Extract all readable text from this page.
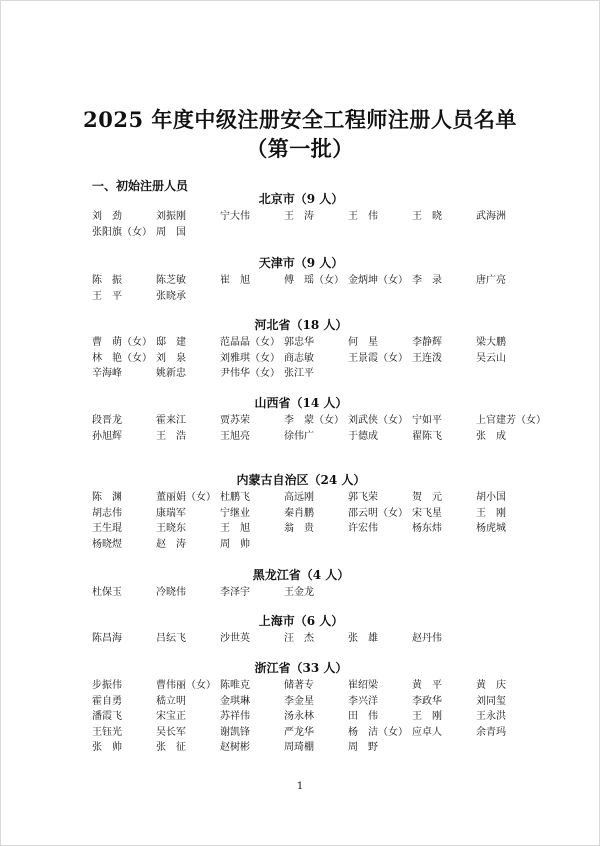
2025 年度中级注册安全工程师注册人员名单
（第一批）
一、初始注册人员
北京市（9 人）
刘　劲	刘振刚	宁大伟	王　涛	王　伟	王　晓	武海洲
张阳旗（女） 周　国
天津市（9 人）
陈　振	陈芝敏	崔　旭	傅　瑶（女） 金炳坤（女） 李　录	唐广亮
王　平	张晓承
河北省（18 人）
曹　萌（女） 邸　建	范晶晶（女） 郭忠华	何　星	李静辉	梁大鹏
林　艳（女） 刘　泉	刘雅琪（女） 商志敏	王景霞（女） 王连泼	吴云山
辛海峰	姚新忠	尹伟华（女） 张江平
山西省（14 人）
段晋龙	霍来江	贾苏荣	李　蒙（女） 刘武侠（女） 宁如平	上官建芳（女）
孙旭辉	王　浩	王旭亮	徐伟广	于德成	翟陈飞	张　成
内蒙古自治区（24 人）
陈　渊	董丽娟（女） 杜鹏飞	高远刚	郭飞荣	贺　元	胡小国
胡志伟	康瑞军	宁继业	秦肖鹏	邵云明（女） 宋飞星	王　刚
王生琨	王晓东	王　旭	翁　贵	许宏伟	杨东炜	杨虎城
杨晓煜	赵　涛	周　帅
黑龙江省（4 人）
杜保玉	冷晓伟	李泽宇	王金龙
上海市（6 人）
陈昌海	吕纭飞	沙世英	汪　杰	张　雄	赵丹伟
浙江省（33 人）
步振伟	曹伟丽（女） 陈唯克	储著专	崔绍梁	黄　平	黄　庆
霍自勇	嵇立明	金琪琳	李金星	李兴洋	李政华	刘同玺
潘霞飞	宋宝正	苏祥伟	汤永林	田　伟	王　刚	王永洪
王钰光	吴长军	谢凯锋	严龙华	杨　洁（女） 应卓人	余青玛
张　帅	张　征	赵树彬	周琦棚	周　野
1
